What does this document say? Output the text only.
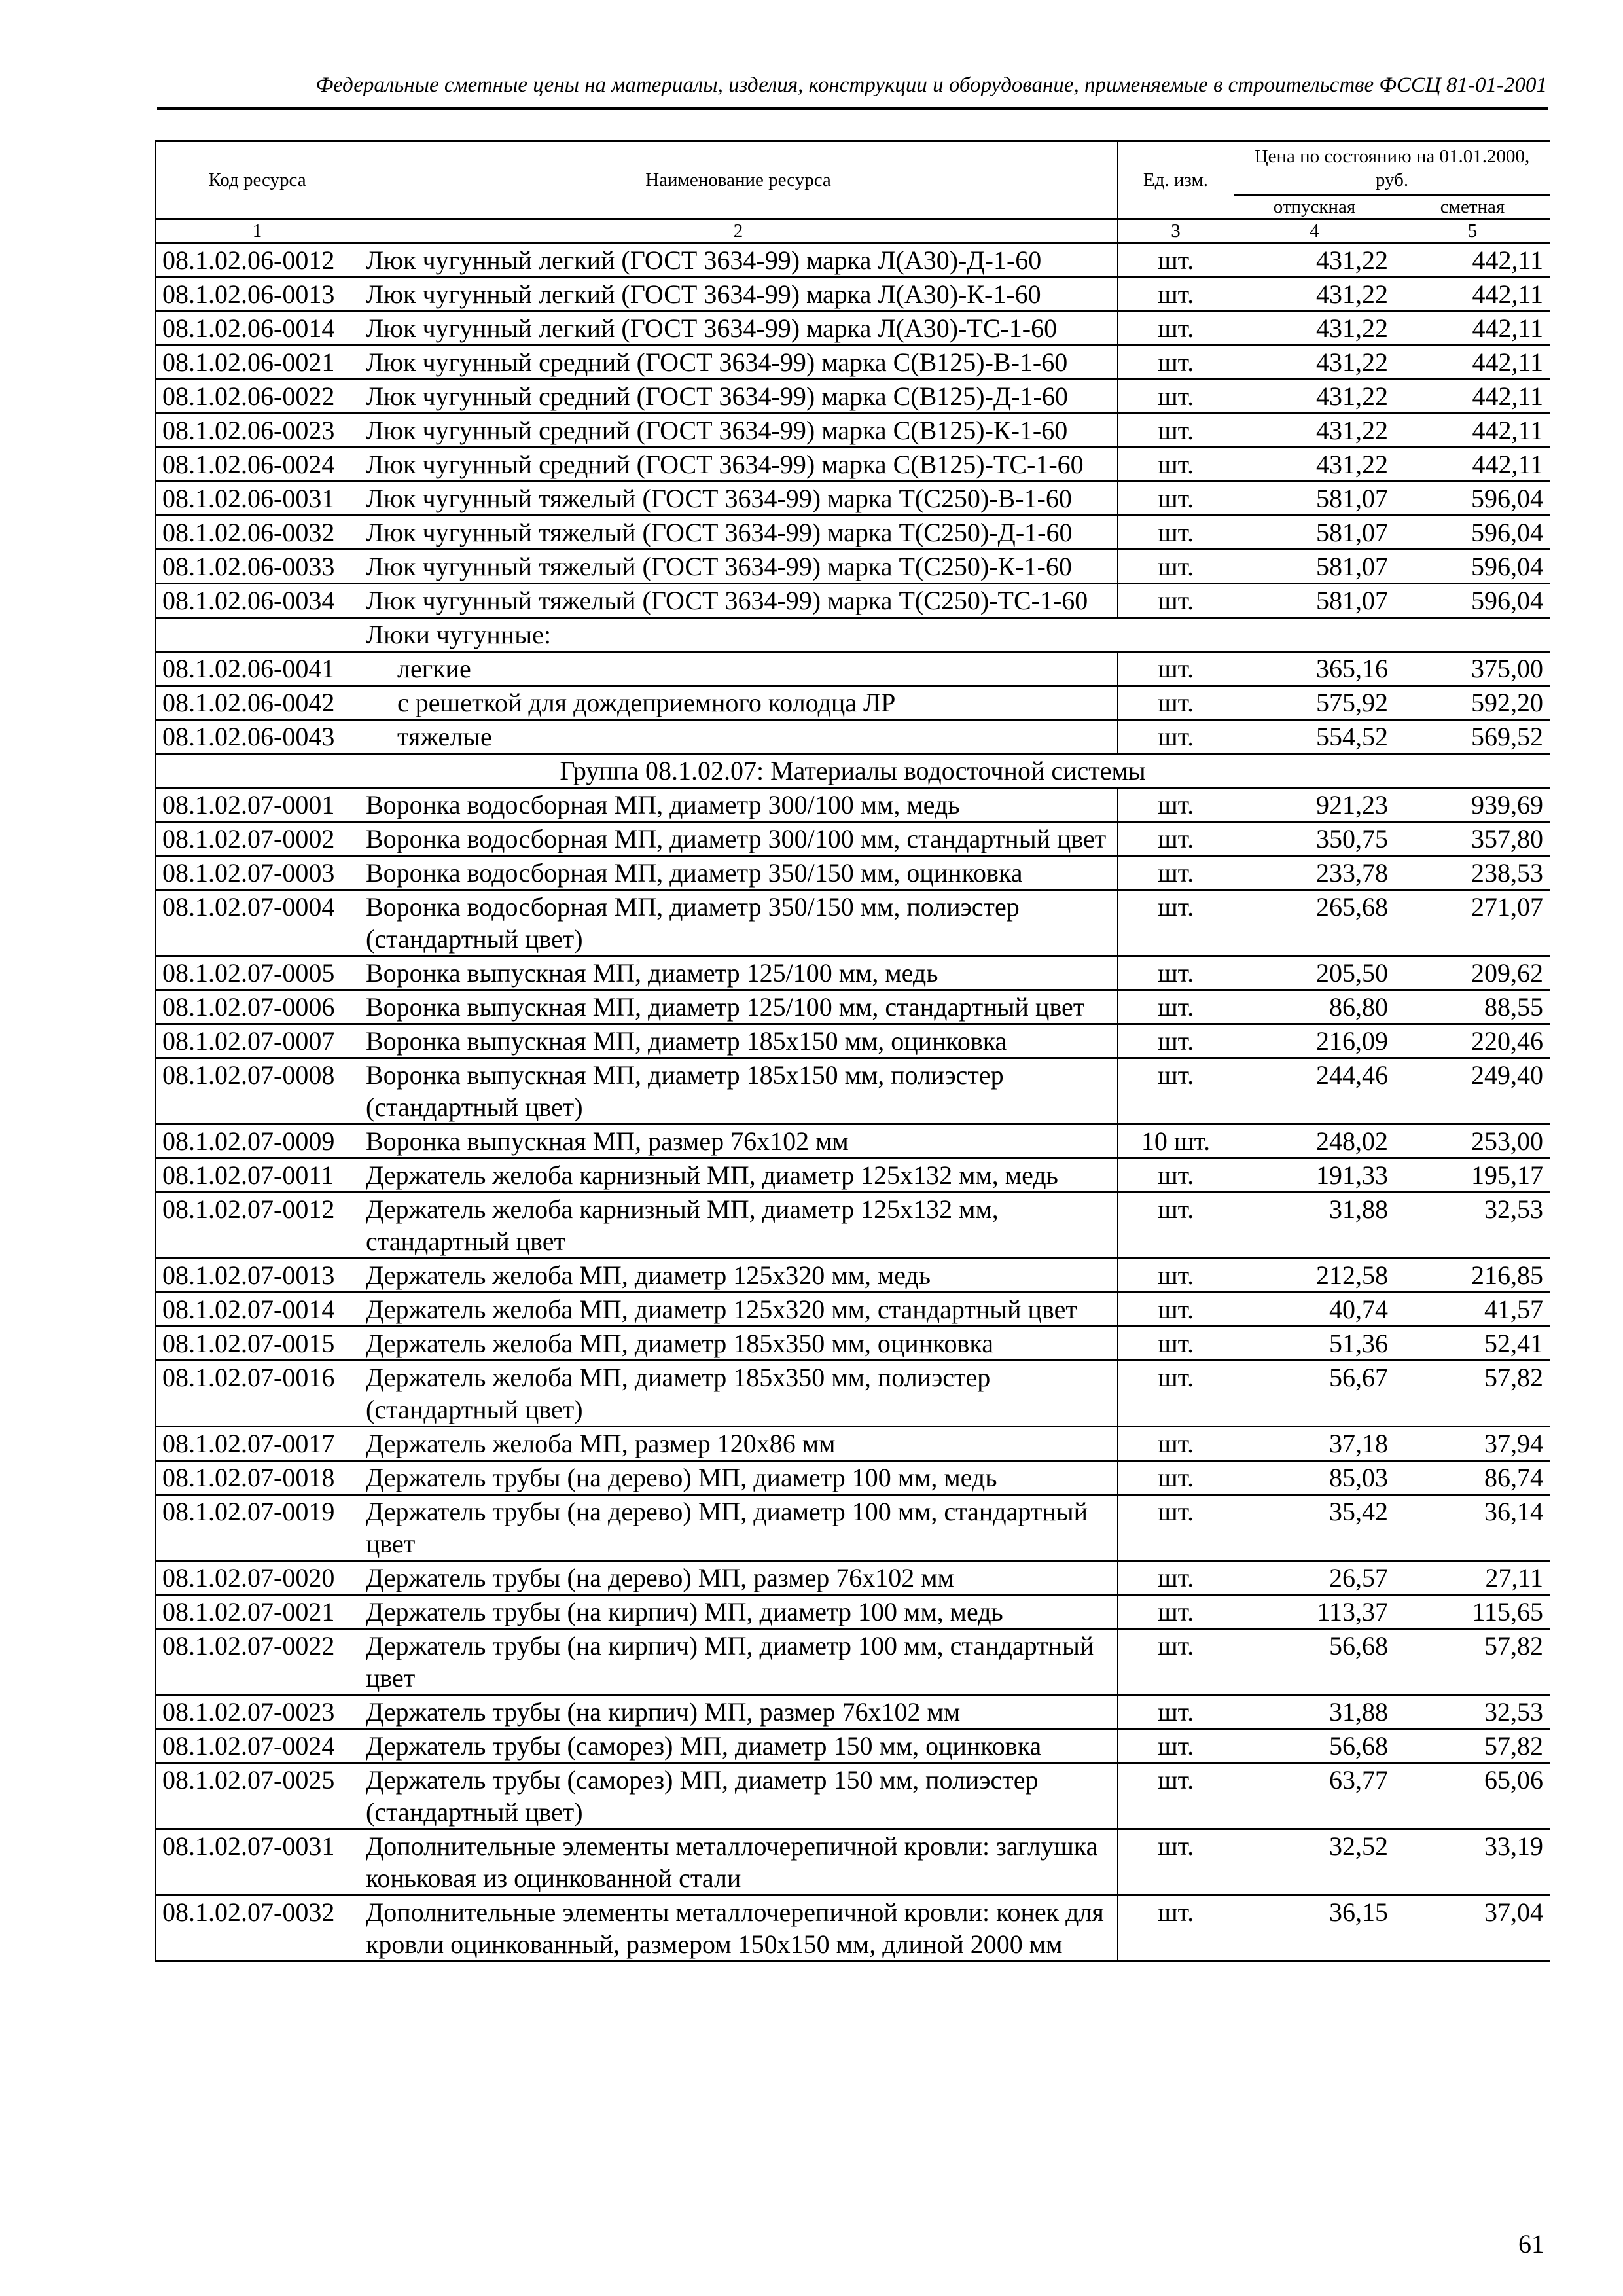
Федеральные сметные цены на материалы, изделия, конструкции и оборудование, применяемые в строительстве ФССЦ 81-01-2001
Код ресурса	Наименование ресурса	Ед. изм.	Цена по состоянию на 01.01.2000, руб.	
			отпускная	сметная
1	2	3	4	5
08.1.02.06-0012	Люк чугунный легкий (ГОСТ 3634-99) марка Л(А30)-Д-1-60	шт.	431,22	442,11
08.1.02.06-0013	Люк чугунный легкий (ГОСТ 3634-99) марка Л(А30)-К-1-60	шт.	431,22	442,11
08.1.02.06-0014	Люк чугунный легкий (ГОСТ 3634-99) марка Л(А30)-ТС-1-60	шт.	431,22	442,11
08.1.02.06-0021	Люк чугунный средний (ГОСТ 3634-99) марка С(В125)-В-1-60	шт.	431,22	442,11
08.1.02.06-0022	Люк чугунный средний (ГОСТ 3634-99) марка С(В125)-Д-1-60	шт.	431,22	442,11
08.1.02.06-0023	Люк чугунный средний (ГОСТ 3634-99) марка С(В125)-К-1-60	шт.	431,22	442,11
08.1.02.06-0024	Люк чугунный средний (ГОСТ 3634-99) марка С(В125)-ТС-1-60	шт.	431,22	442,11
08.1.02.06-0031	Люк чугунный тяжелый (ГОСТ 3634-99) марка Т(С250)-В-1-60	шт.	581,07	596,04
08.1.02.06-0032	Люк чугунный тяжелый (ГОСТ 3634-99) марка Т(С250)-Д-1-60	шт.	581,07	596,04
08.1.02.06-0033	Люк чугунный тяжелый (ГОСТ 3634-99) марка Т(С250)-К-1-60	шт.	581,07	596,04
08.1.02.06-0034	Люк чугунный тяжелый (ГОСТ 3634-99) марка Т(С250)-ТС-1-60	шт.	581,07	596,04
	Люки чугунные:			
08.1.02.06-0041	легкие	шт.	365,16	375,00
08.1.02.06-0042	с решеткой для дождеприемного колодца ЛР	шт.	575,92	592,20
08.1.02.06-0043	тяжелые	шт.	554,52	569,52
Группа 08.1.02.07: Материалы водосточной системы				
08.1.02.07-0001	Воронка водосборная МП, диаметр 300/100 мм, медь	шт.	921,23	939,69
08.1.02.07-0002	Воронка водосборная МП, диаметр 300/100 мм, стандартный цвет	шт.	350,75	357,80
08.1.02.07-0003	Воронка водосборная МП, диаметр 350/150 мм, оцинковка	шт.	233,78	238,53
08.1.02.07-0004	Воронка водосборная МП, диаметр 350/150 мм, полиэстер (стандартный цвет)	шт.	265,68	271,07
08.1.02.07-0005	Воронка выпускная МП, диаметр 125/100 мм, медь	шт.	205,50	209,62
08.1.02.07-0006	Воронка выпускная МП, диаметр 125/100 мм, стандартный цвет	шт.	86,80	88,55
08.1.02.07-0007	Воронка выпускная МП, диаметр 185х150 мм, оцинковка	шт.	216,09	220,46
08.1.02.07-0008	Воронка выпускная МП, диаметр 185х150 мм, полиэстер (стандартный цвет)	шт.	244,46	249,40
08.1.02.07-0009	Воронка выпускная МП, размер 76х102 мм	10 шт.	248,02	253,00
08.1.02.07-0011	Держатель желоба карнизный МП, диаметр 125х132 мм, медь	шт.	191,33	195,17
08.1.02.07-0012	Держатель желоба карнизный МП, диаметр 125х132 мм, стандартный цвет	шт.	31,88	32,53
08.1.02.07-0013	Держатель желоба МП, диаметр 125х320 мм, медь	шт.	212,58	216,85
08.1.02.07-0014	Держатель желоба МП, диаметр 125х320 мм, стандартный цвет	шт.	40,74	41,57
08.1.02.07-0015	Держатель желоба МП, диаметр 185х350 мм, оцинковка	шт.	51,36	52,41
08.1.02.07-0016	Держатель желоба МП, диаметр 185х350 мм, полиэстер (стандартный цвет)	шт.	56,67	57,82
08.1.02.07-0017	Держатель желоба МП, размер 120х86 мм	шт.	37,18	37,94
08.1.02.07-0018	Держатель трубы (на дерево) МП, диаметр 100 мм, медь	шт.	85,03	86,74
08.1.02.07-0019	Держатель трубы (на дерево) МП, диаметр 100 мм, стандартный цвет	шт.	35,42	36,14
08.1.02.07-0020	Держатель трубы (на дерево) МП, размер 76х102 мм	шт.	26,57	27,11
08.1.02.07-0021	Держатель трубы (на кирпич) МП, диаметр 100 мм, медь	шт.	113,37	115,65
08.1.02.07-0022	Держатель трубы (на кирпич) МП, диаметр 100 мм, стандартный цвет	шт.	56,68	57,82
08.1.02.07-0023	Держатель трубы (на кирпич) МП, размер 76х102 мм	шт.	31,88	32,53
08.1.02.07-0024	Держатель трубы (саморез) МП, диаметр 150 мм, оцинковка	шт.	56,68	57,82
08.1.02.07-0025	Держатель трубы (саморез) МП, диаметр 150 мм, полиэстер (стандартный цвет)	шт.	63,77	65,06
08.1.02.07-0031	Дополнительные элементы металлочерепичной кровли: заглушка коньковая из оцинкованной стали	шт.	32,52	33,19
08.1.02.07-0032	Дополнительные элементы металлочерепичной кровли: конек для кровли оцинкованный, размером 150х150 мм, длиной 2000 мм	шт.	36,15	37,04
61
